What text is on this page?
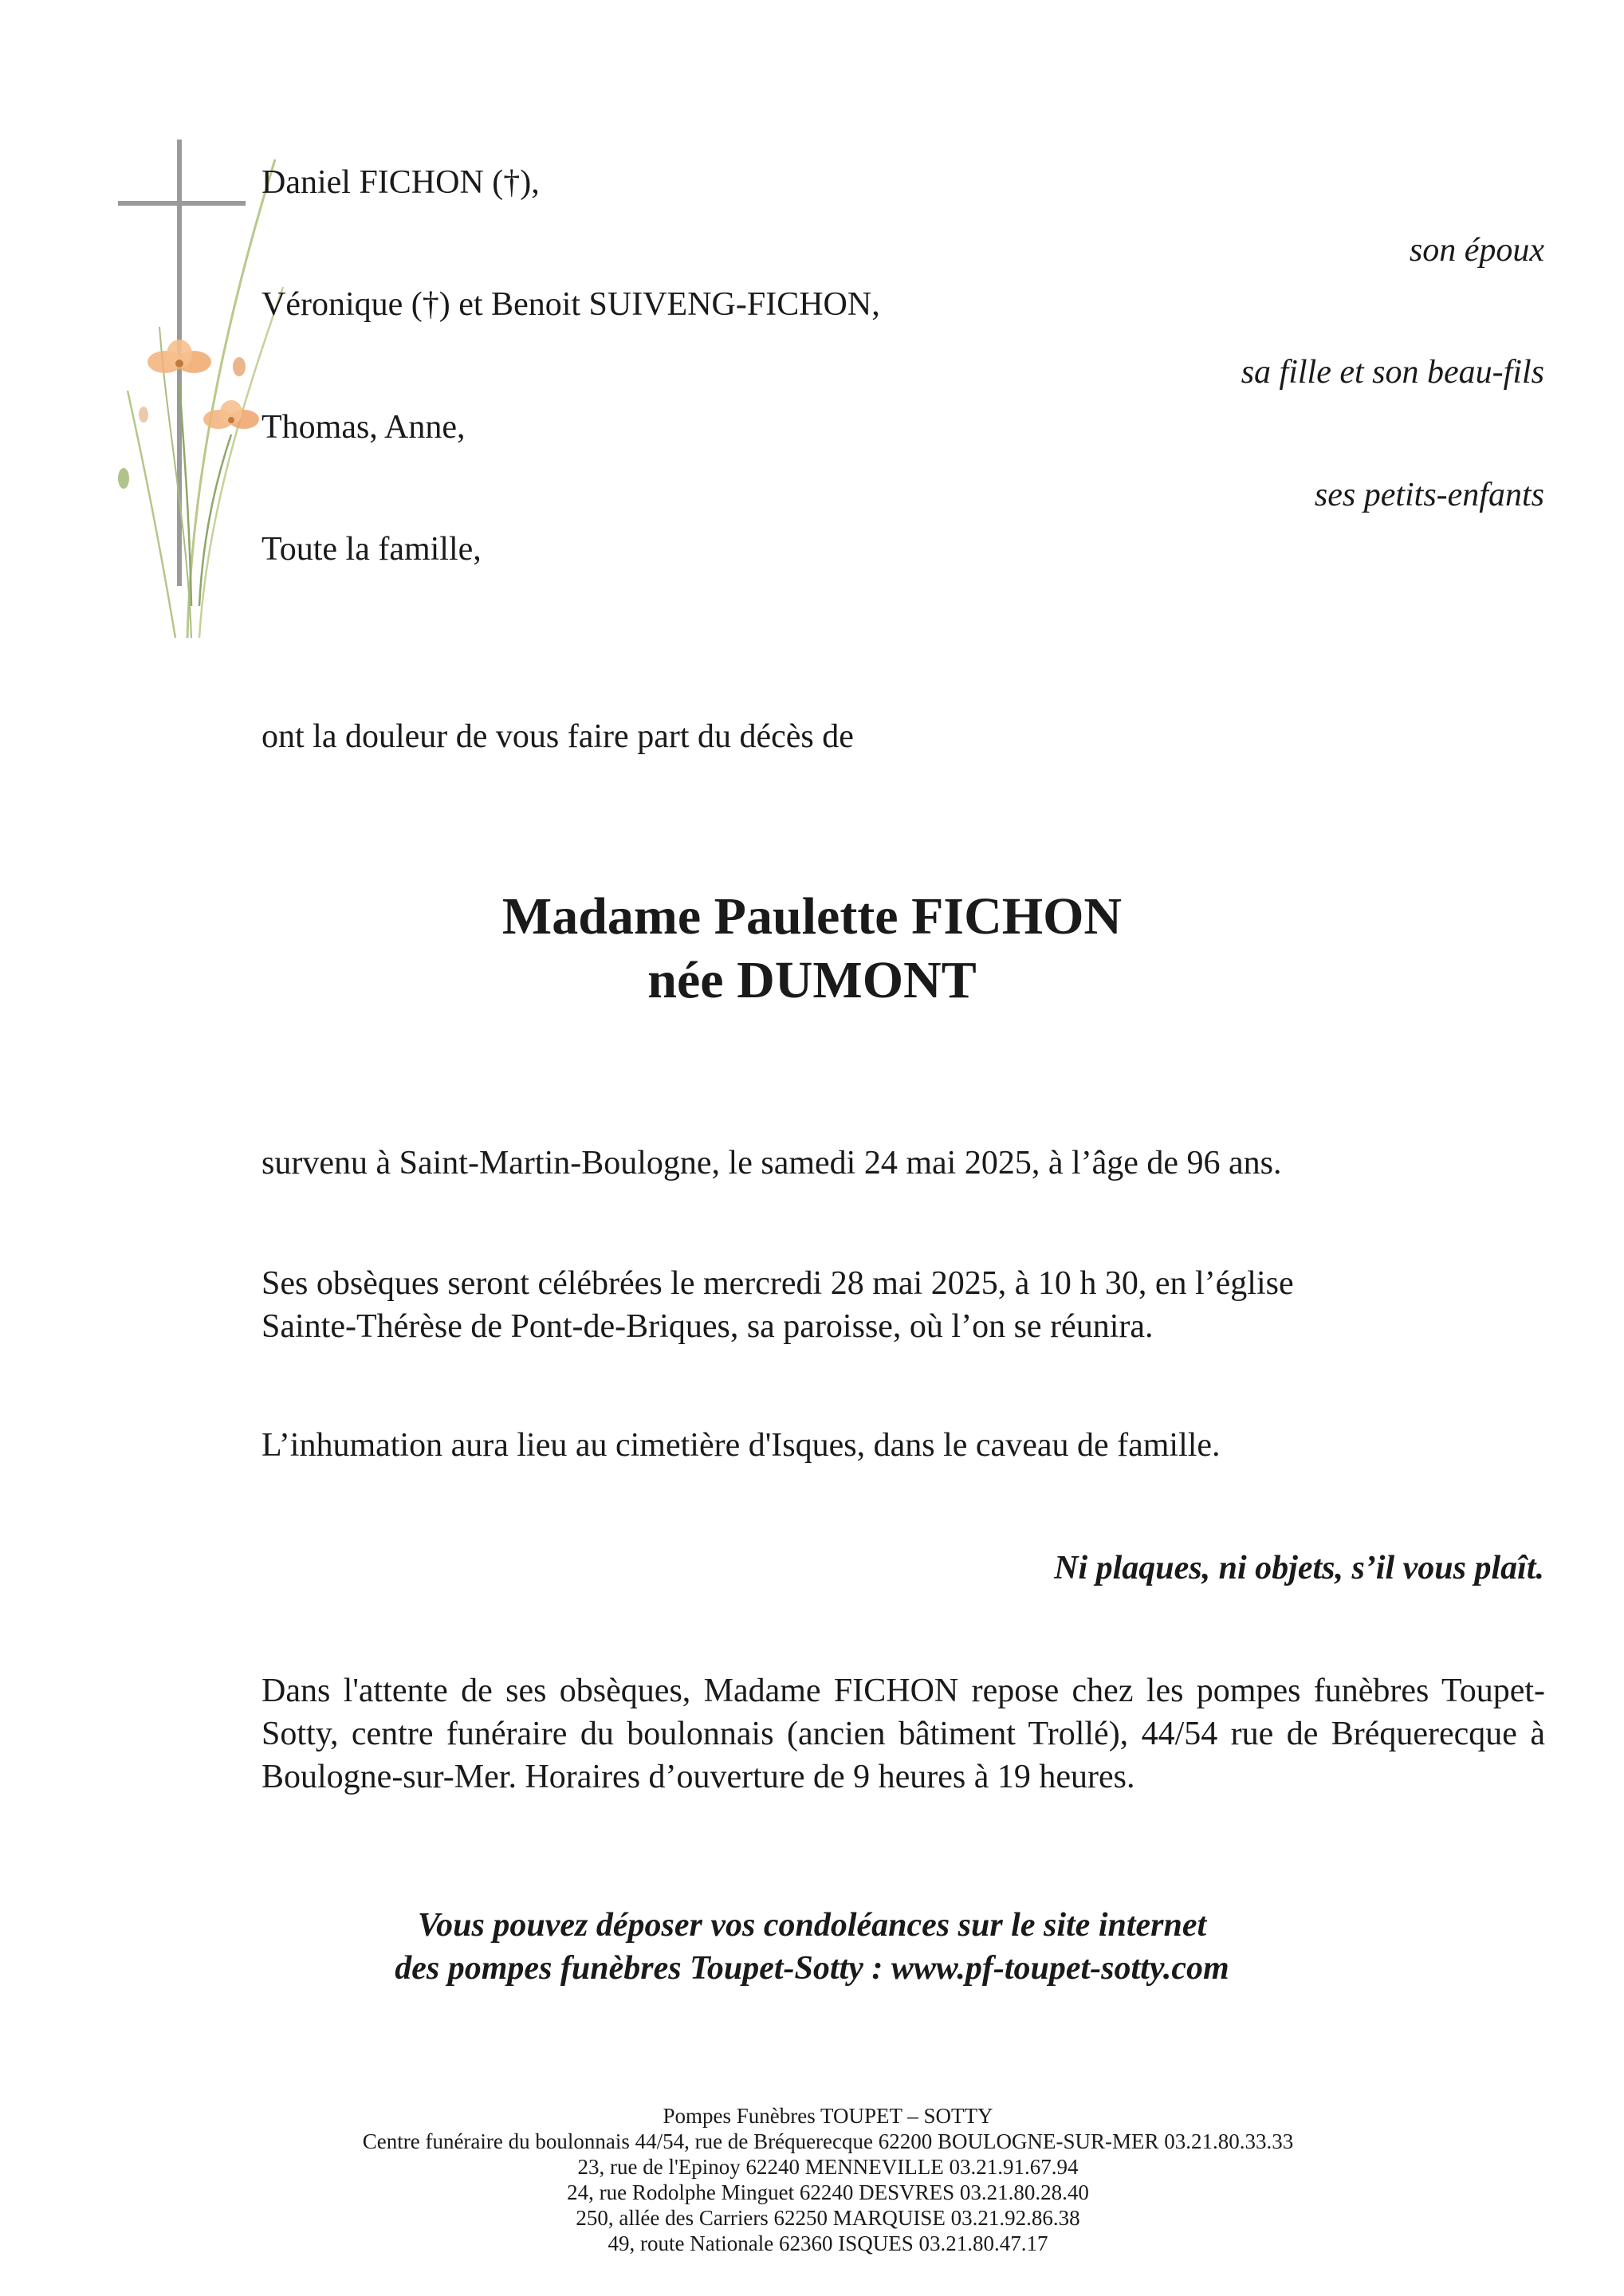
Daniel FICHON (†),
son époux
Véronique (†) et Benoit SUIVENG-FICHON,
sa fille et son beau-fils
Thomas, Anne,
ses petits-enfants
Toute la famille,
ont la douleur de vous faire part du décès de
Madame Paulette FICHON
née DUMONT
survenu à Saint-Martin-Boulogne, le samedi 24 mai 2025, à l’âge de 96 ans.
Ses obsèques seront célébrées le mercredi 28 mai 2025, à 10 h 30, en l’église
Sainte-Thérèse de Pont-de-Briques, sa paroisse, où l’on se réunira.
L’inhumation aura lieu au cimetière d'Isques, dans le caveau de famille.
Ni plaques, ni objets, s’il vous plaît.
Dans l'attente de ses obsèques, Madame FICHON repose chez les pompes funèbres Toupet-Sotty, centre funéraire du boulonnais (ancien bâtiment Trollé), 44/54 rue de Bréquerecque à Boulogne-sur-Mer. Horaires d’ouverture de 9 heures à 19 heures.
Vous pouvez déposer vos condoléances sur le site internet
des pompes funèbres Toupet-Sotty : www.pf-toupet-sotty.com
Pompes Funèbres TOUPET – SOTTY
Centre funéraire du boulonnais 44/54, rue de Bréquerecque 62200 BOULOGNE-SUR-MER 03.21.80.33.33
23, rue de l'Epinoy 62240 MENNEVILLE 03.21.91.67.94
24, rue Rodolphe Minguet 62240 DESVRES 03.21.80.28.40
250, allée des Carriers 62250 MARQUISE 03.21.92.86.38
49, route Nationale 62360 ISQUES 03.21.80.47.17
